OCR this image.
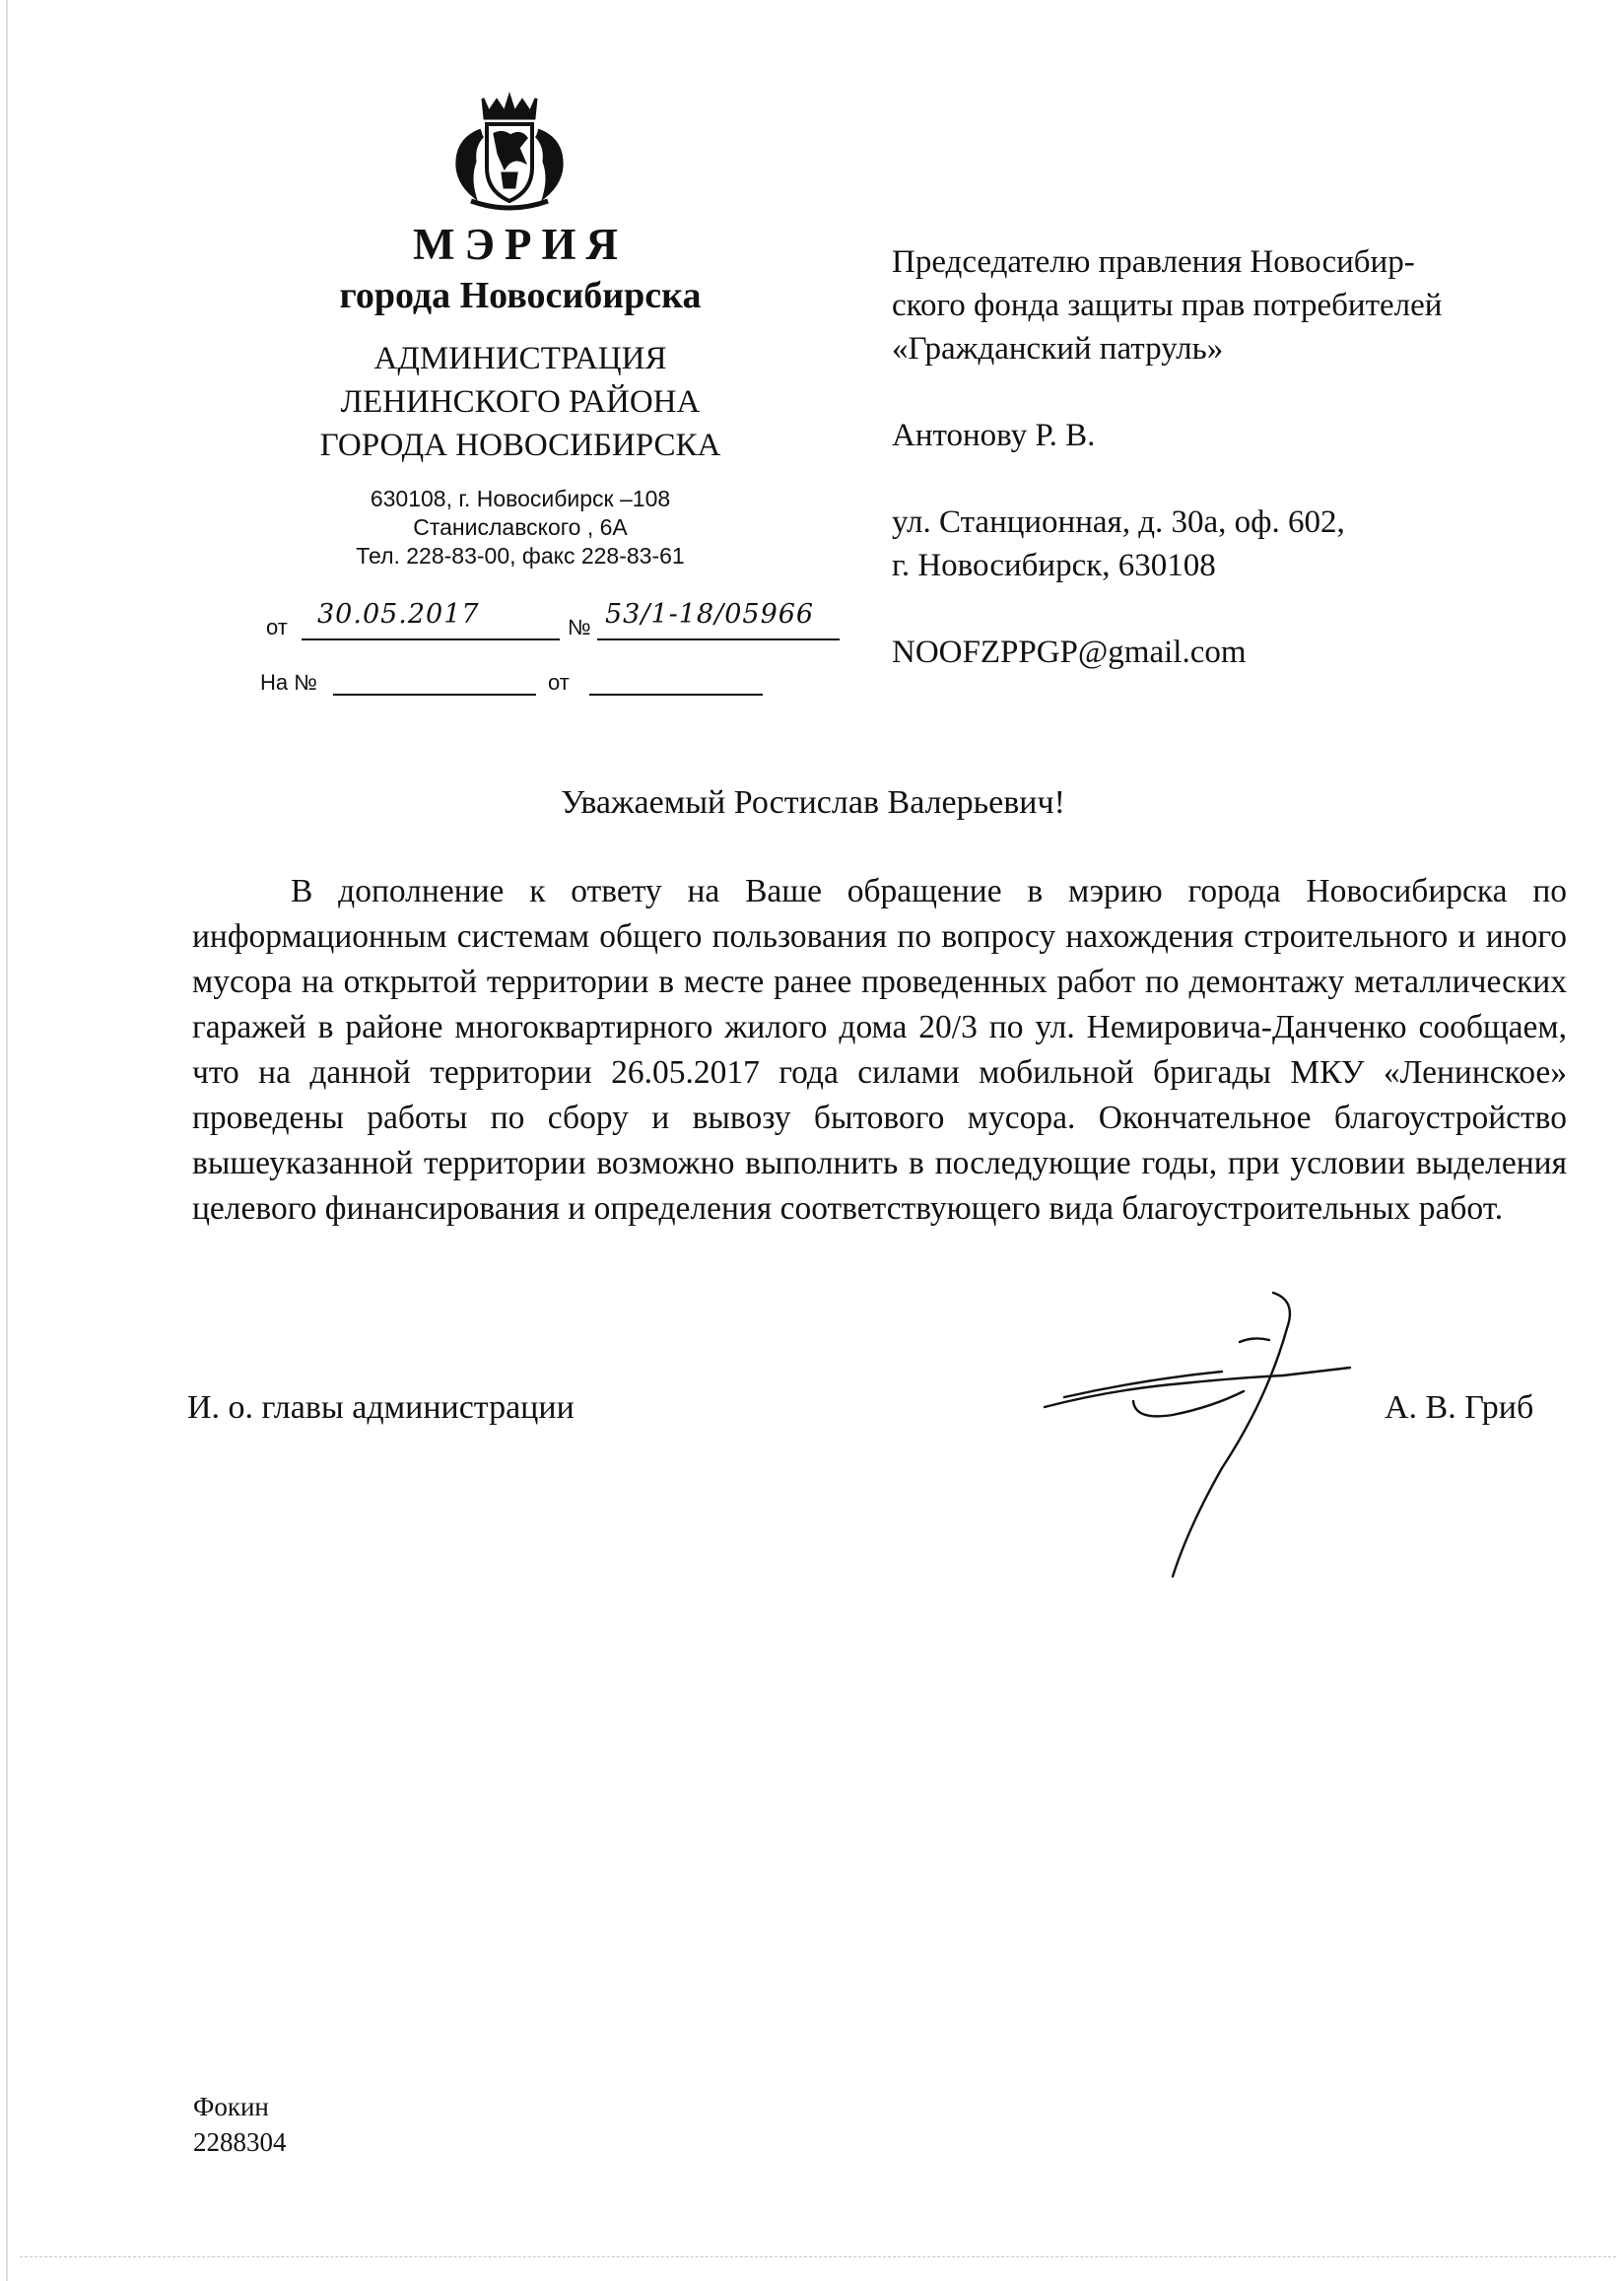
МЭРИЯ
города Новосибирска
АДМИНИСТРАЦИЯ
ЛЕНИНСКОГО РАЙОНА
ГОРОДА НОВОСИБИРСКА
630108, г. Новосибирск –108
Станиславского , 6А
Тел. 228-83-00, факс 228-83-61
от 30.05.2017	№ 53/1-18/05966
На №	от

Председателю правления Новосибир-

ского фонда защиты прав потребителей

«Гражданский патруль»

Антонову Р. В.

ул. Станционная, д. 30а, оф. 602,

г. Новосибирск, 630108

NOOFZPPGP@gmail.com

Уважаемый Ростислав Валерьевич!

В дополнение к ответу на Ваше обращение в мэрию города Новосибирска по информационным системам общего пользования по вопросу нахождения строительного и иного мусора на открытой территории в месте ранее проведенных работ по демонтажу металлических гаражей в районе многоквартирного жилого дома 20/3 по ул. Немировича-Данченко сообщаем, что на данной территории 26.05.2017 года силами мобильной бригады МКУ «Ленинское» проведены работы по сбору и вывозу бытового мусора. Окончательное благоустройство вышеуказанной территории возможно выполнить в последующие годы, при условии выделения целевого финансирования и определения соответствующего вида благоустроительных работ.

И. о. главы администрации	А. В. Гриб
Фокин
2288304
